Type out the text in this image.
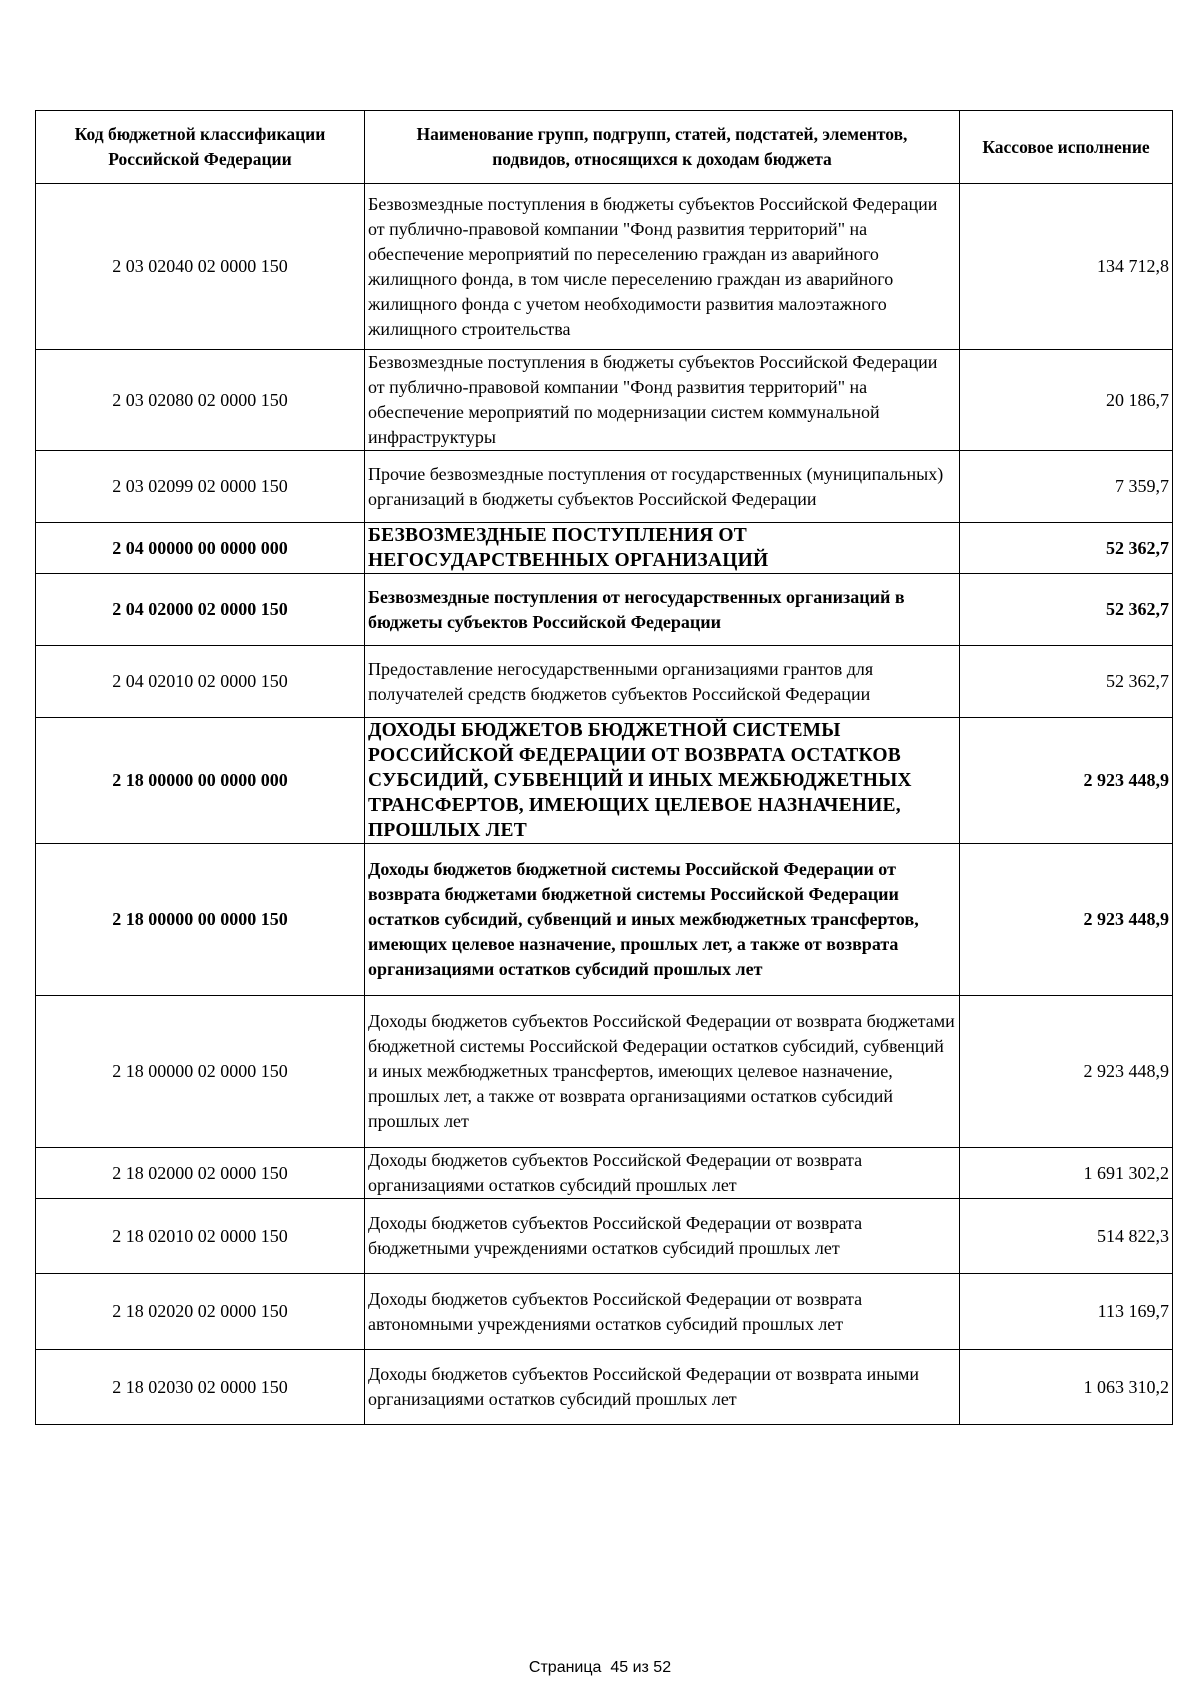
Код бюджетной классификации Российской Федерации	Наименование групп, подгрупп, статей, подстатей, элементов, подвидов, относящихся к доходам бюджета	Кассовое исполнение
2 03 02040 02 0000 150	Безвозмездные поступления в бюджеты субъектов Российской Федерации от публично-правовой компании "Фонд развития территорий" на обеспечение мероприятий по переселению граждан из аварийного жилищного фонда, в том числе переселению граждан из аварийного жилищного фонда с учетом необходимости развития малоэтажного жилищного строительства	134 712,8
2 03 02080 02 0000 150	Безвозмездные поступления в бюджеты субъектов Российской Федерации от публично-правовой компании "Фонд развития территорий" на обеспечение мероприятий по модернизации систем коммунальной инфраструктуры	20 186,7
2 03 02099 02 0000 150	Прочие безвозмездные поступления от государственных (муниципальных) организаций в бюджеты субъектов Российской Федерации	7 359,7
2 04 00000 00 0000 000	БЕЗВОЗМЕЗДНЫЕ ПОСТУПЛЕНИЯ ОТ НЕГОСУДАРСТВЕННЫХ ОРГАНИЗАЦИЙ	52 362,7
2 04 02000 02 0000 150	Безвозмездные поступления от негосударственных организаций в бюджеты субъектов Российской Федерации	52 362,7
2 04 02010 02 0000 150	Предоставление негосударственными организациями грантов для получателей средств бюджетов субъектов Российской Федерации	52 362,7
2 18 00000 00 0000 000	ДОХОДЫ БЮДЖЕТОВ БЮДЖЕТНОЙ СИСТЕМЫ РОССИЙСКОЙ ФЕДЕРАЦИИ ОТ ВОЗВРАТА ОСТАТКОВ СУБСИДИЙ, СУБВЕНЦИЙ И ИНЫХ МЕЖБЮДЖЕТНЫХ ТРАНСФЕРТОВ, ИМЕЮЩИХ ЦЕЛЕВОЕ НАЗНАЧЕНИЕ, ПРОШЛЫХ ЛЕТ	2 923 448,9
2 18 00000 00 0000 150	Доходы бюджетов бюджетной системы Российской Федерации от возврата бюджетами бюджетной системы Российской Федерации остатков субсидий, субвенций и иных межбюджетных трансфертов, имеющих целевое назначение, прошлых лет, а также от возврата организациями остатков субсидий прошлых лет	2 923 448,9
2 18 00000 02 0000 150	Доходы бюджетов субъектов Российской Федерации от возврата бюджетами бюджетной системы Российской Федерации остатков субсидий, субвенций и иных межбюджетных трансфертов, имеющих целевое назначение, прошлых лет, а также от возврата организациями остатков субсидий прошлых лет	2 923 448,9
2 18 02000 02 0000 150	Доходы бюджетов субъектов Российской Федерации от возврата организациями остатков субсидий прошлых лет	1 691 302,2
2 18 02010 02 0000 150	Доходы бюджетов субъектов Российской Федерации от возврата бюджетными учреждениями остатков субсидий прошлых лет	514 822,3
2 18 02020 02 0000 150	Доходы бюджетов субъектов Российской Федерации от возврата автономными учреждениями остатков субсидий прошлых лет	113 169,7
2 18 02030 02 0000 150	Доходы бюджетов субъектов Российской Федерации от возврата иными организациями остатков субсидий прошлых лет	1 063 310,2
Страница 45 из 52
